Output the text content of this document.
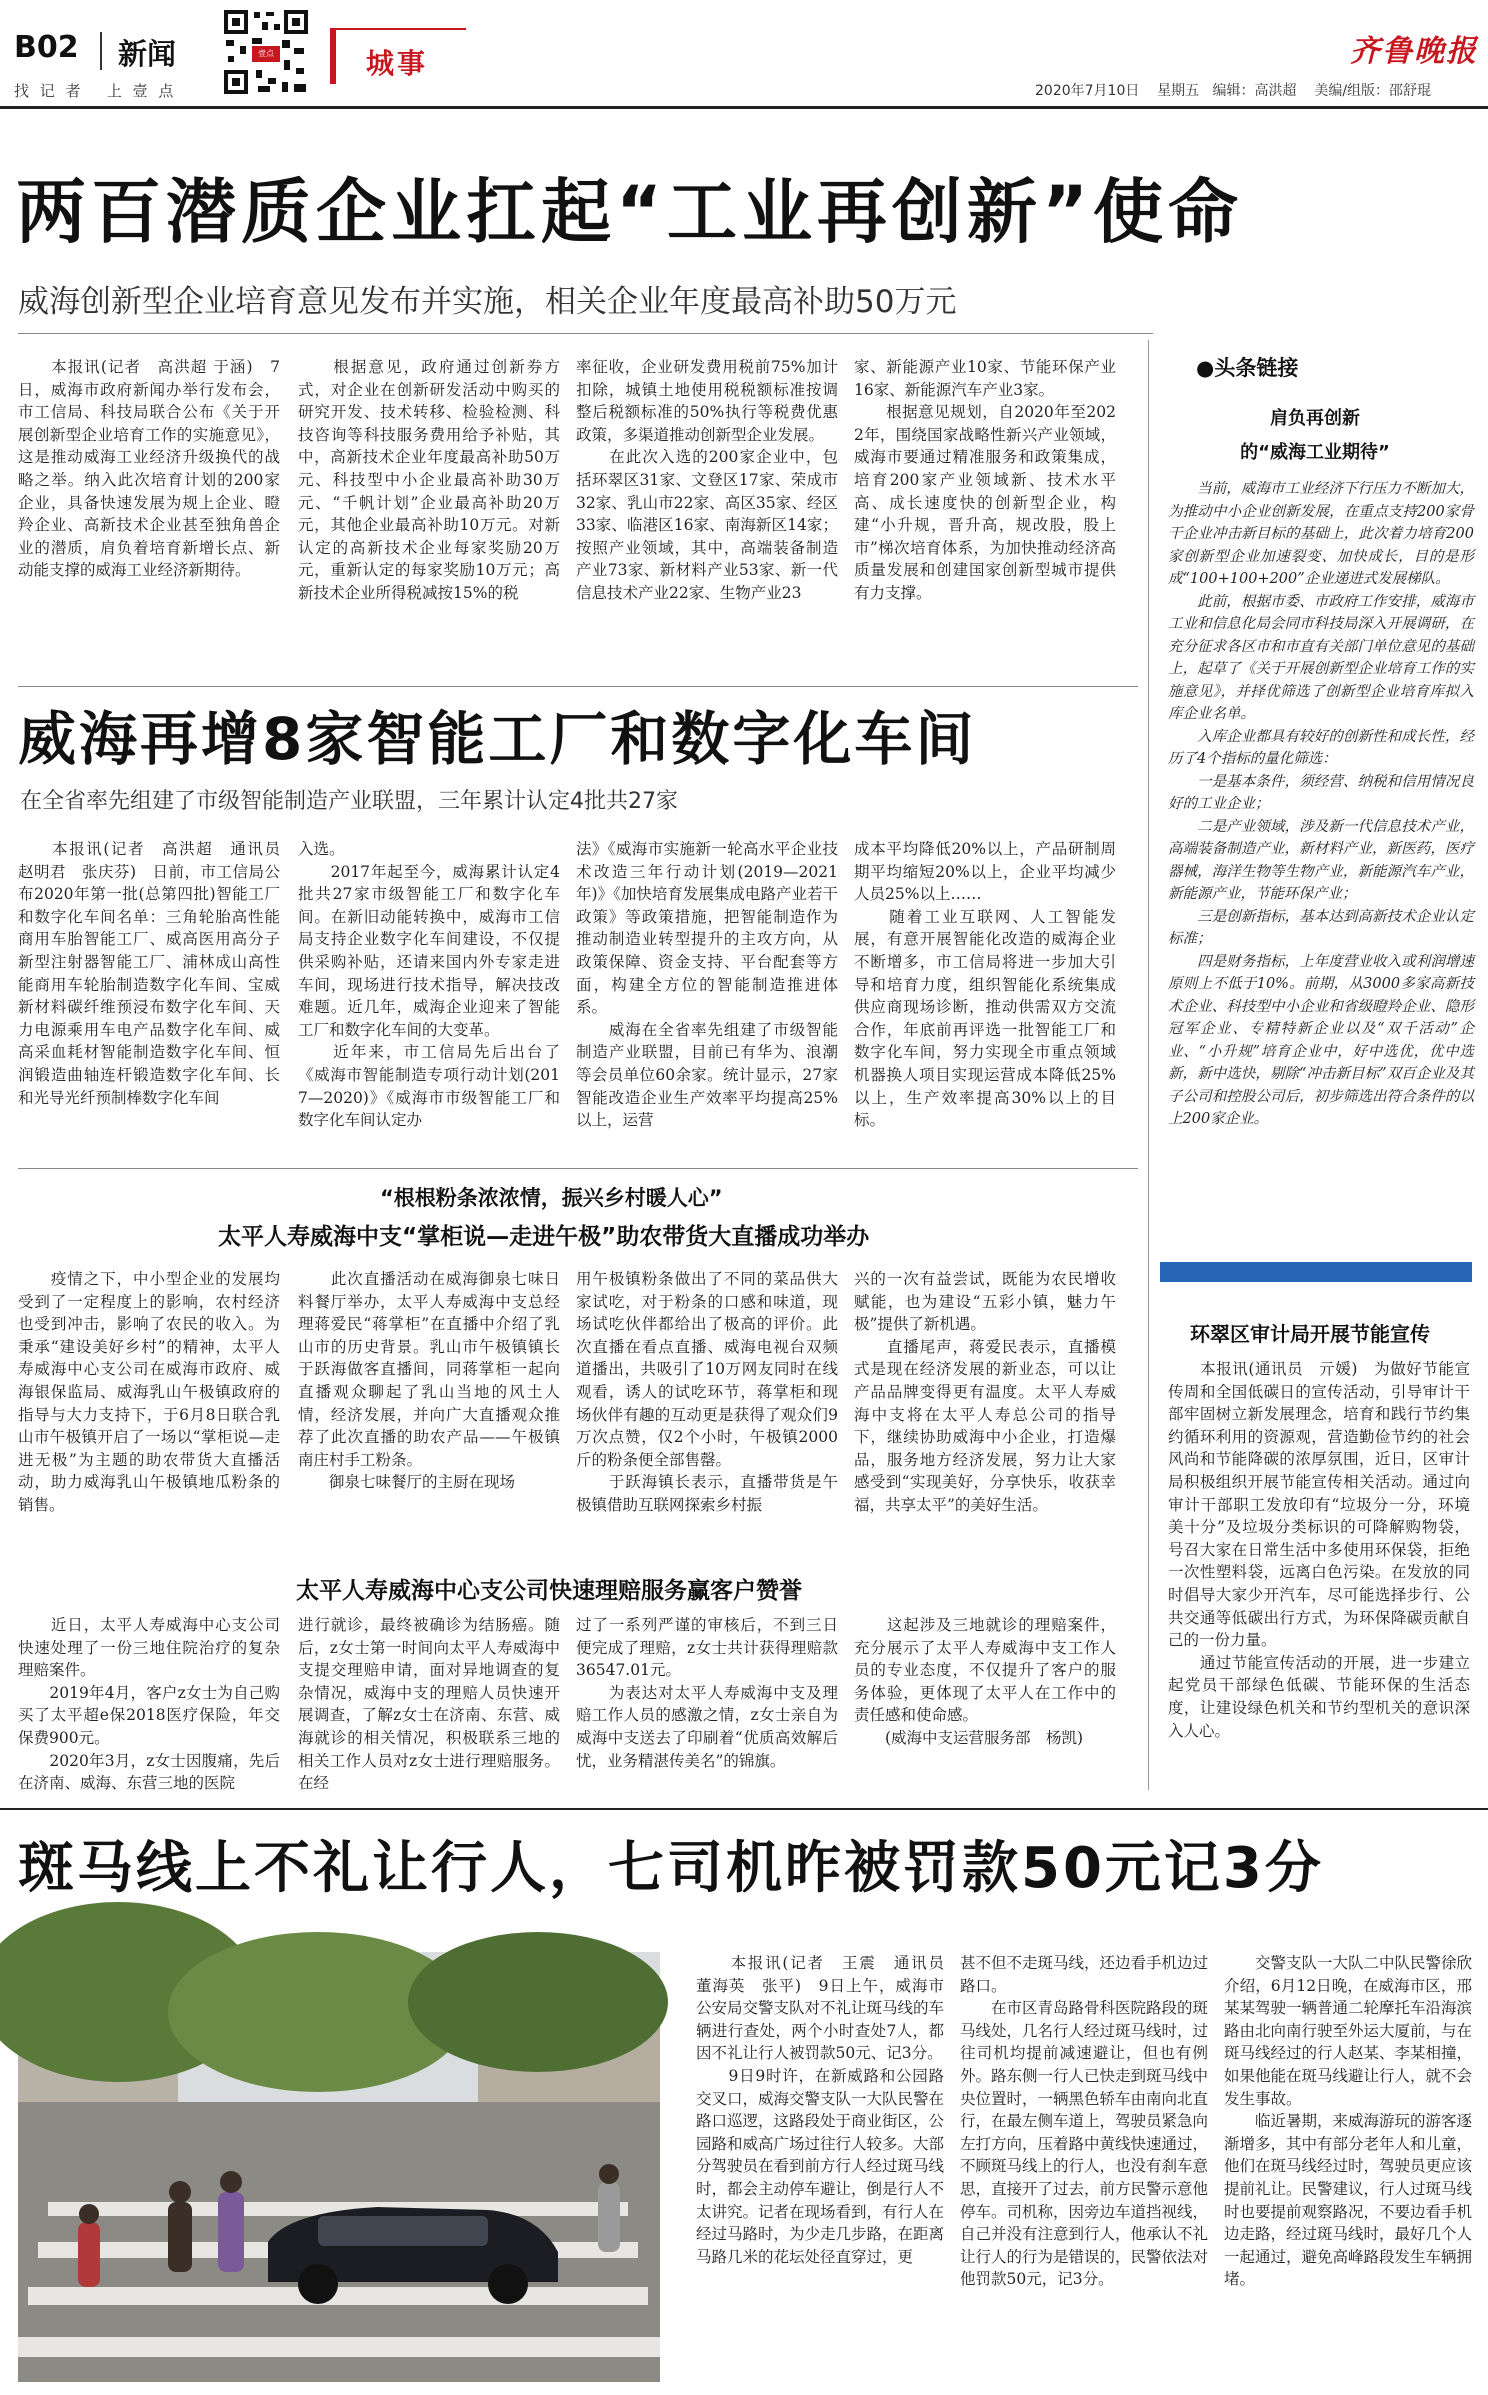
B02 新闻
找 记 者   上 壹 点
壹点	城事	齐鲁晚报
2020年7月10日 星期五 编辑：高洪超 美编/组版：邵舒琨
两百潜质企业扛起“工业再创新”使命
威海创新型企业培育意见发布并实施，相关企业年度最高补助50万元
　　本报讯(记者　高洪超 于涵)　7日，威海市政府新闻办举行发布会，市工信局、科技局联合公布《关于开展创新型企业培育工作的实施意见》，这是推动威海工业经济升级换代的战略之举。纳入此次培育计划的200家企业，具备快速发展为规上企业、瞪羚企业、高新技术企业甚至独角兽企业的潜质，肩负着培育新增长点、新动能支撑的威海工业经济新期待。
　　根据意见，政府通过创新券方式，对企业在创新研发活动中购买的研究开发、技术转移、检验检测、科技咨询等科技服务费用给予补贴，其中，高新技术企业年度最高补助50万元、科技型中小企业最高补助30万元、“千帆计划”企业最高补助20万元，其他企业最高补助10万元。对新认定的高新技术企业每家奖励20万元，重新认定的每家奖励10万元；高新技术企业所得税减按15%的税
率征收，企业研发费用税前75%加计扣除，城镇土地使用税税额标准按调整后税额标准的50%执行等税费优惠政策，多渠道推动创新型企业发展。
　　在此次入选的200家企业中，包括环翠区31家、文登区17家、荣成市32家、乳山市22家、高区35家、经区33家、临港区16家、南海新区14家；按照产业领域，其中，高端装备制造产业73家、新材料产业53家、新一代信息技术产业22家、生物产业23
家、新能源产业10家、节能环保产业16家、新能源汽车产业3家。
　　根据意见规划，自2020年至2022年，围绕国家战略性新兴产业领域，威海市要通过精准服务和政策集成，培育200家产业领域新、技术水平高、成长速度快的创新型企业，构建“小升规，晋升高，规改股，股上市”梯次培育体系，为加快推动经济高质量发展和创建国家创新型城市提供有力支撑。
●头条链接
肩负再创新
的“威海工业期待”

　　当前，威海市工业经济下行压力不断加大，为推动中小企业创新发展，在重点支持200家骨干企业冲击新目标的基础上，此次着力培育200家创新型企业加速裂变、加快成长，目的是形成“100+100+200”企业递进式发展梯队。

　　此前，根据市委、市政府工作安排，威海市工业和信息化局会同市科技局深入开展调研，在充分征求各区市和市直有关部门单位意见的基础上，起草了《关于开展创新型企业培育工作的实施意见》，并择优筛选了创新型企业培育库拟入库企业名单。

　　入库企业都具有较好的创新性和成长性，经历了4个指标的量化筛选：

　　一是基本条件，须经营、纳税和信用情况良好的工业企业；

　　二是产业领域，涉及新一代信息技术产业，高端装备制造产业，新材料产业，新医药，医疗器械，海洋生物等生物产业，新能源汽车产业，新能源产业，节能环保产业；

　　三是创新指标，基本达到高新技术企业认定标准；

　　四是财务指标，上年度营业收入或利润增速原则上不低于10%。前期，从3000多家高新技术企业、科技型中小企业和省级瞪羚企业、隐形冠军企业、专精特新企业以及“双千活动”企业、“小升规”培育企业中，好中选优，优中选新，新中选快，剔除“冲击新目标”双百企业及其子公司和控股公司后，初步筛选出符合条件的以上200家企业。

威海再增8家智能工厂和数字化车间
在全省率先组建了市级智能制造产业联盟，三年累计认定4批共27家
　　本报讯(记者　高洪超　通讯员　赵明君　张庆芬)　日前，市工信局公布2020年第一批(总第四批)智能工厂和数字化车间名单：三角轮胎高性能商用车胎智能工厂、威高医用高分子新型注射器智能工厂、浦林成山高性能商用车轮胎制造数字化车间、宝威新材料碳纤维预浸布数字化车间、天力电源乘用车电产品数字化车间、威高采血耗材智能制造数字化车间、恒润锻造曲轴连杆锻造数字化车间、长和光导光纤预制棒数字化车间
入选。
　　2017年起至今，威海累计认定4批共27家市级智能工厂和数字化车间。在新旧动能转换中，威海市工信局支持企业数字化车间建设，不仅提供采购补贴，还请来国内外专家走进车间，现场进行技术指导，解决技改难题。近几年，威海企业迎来了智能工厂和数字化车间的大变革。
　　近年来，市工信局先后出台了《威海市智能制造专项行动计划(2017—2020)》《威海市市级智能工厂和数字化车间认定办
法》《威海市实施新一轮高水平企业技术改造三年行动计划(2019—2021年)》《加快培育发展集成电路产业若干政策》等政策措施，把智能制造作为推动制造业转型提升的主攻方向，从政策保障、资金支持、平台配套等方面，构建全方位的智能制造推进体系。
　　威海在全省率先组建了市级智能制造产业联盟，目前已有华为、浪潮等会员单位60余家。统计显示，27家智能改造企业生产效率平均提高25%以上，运营
成本平均降低20%以上，产品研制周期平均缩短20%以上，企业平均减少人员25%以上……
　　随着工业互联网、人工智能发展，有意开展智能化改造的威海企业不断增多，市工信局将进一步加大引导和培育力度，组织智能化系统集成供应商现场诊断，推动供需双方交流合作，年底前再评选一批智能工厂和数字化车间，努力实现全市重点领域机器换人项目实现运营成本降低25%以上，生产效率提高30%以上的目标。
“根根粉条浓浓情，振兴乡村暖人心”
太平人寿威海中支“掌柜说—走进午极”助农带货大直播成功举办
　　疫情之下，中小型企业的发展均受到了一定程度上的影响，农村经济也受到冲击，影响了农民的收入。为秉承“建设美好乡村”的精神，太平人寿威海中心支公司在威海市政府、威海银保监局、威海乳山午极镇政府的指导与大力支持下，于6月8日联合乳山市午极镇开启了一场以“掌柜说—走进无极”为主题的助农带货大直播活动，助力威海乳山午极镇地瓜粉条的销售。
　　此次直播活动在威海御泉七味日料餐厅举办，太平人寿威海中支总经理蒋爱民“蒋掌柜”在直播中介绍了乳山市的历史背景。乳山市午极镇镇长于跃海做客直播间，同蒋掌柜一起向直播观众聊起了乳山当地的风土人情，经济发展，并向广大直播观众推荐了此次直播的助农产品——午极镇南庄村手工粉条。
　　御泉七味餐厅的主厨在现场
用午极镇粉条做出了不同的菜品供大家试吃，对于粉条的口感和味道，现场试吃伙伴都给出了极高的评价。此次直播在看点直播、威海电视台双频道播出，共吸引了10万网友同时在线观看，诱人的试吃环节，蒋掌柜和现场伙伴有趣的互动更是获得了观众们9万次点赞，仅2个小时，午极镇2000斤的粉条便全部售罄。
　　于跃海镇长表示，直播带货是午极镇借助互联网探索乡村振
兴的一次有益尝试，既能为农民增收赋能，也为建设“五彩小镇，魅力午极”提供了新机遇。
　　直播尾声，蒋爱民表示，直播模式是现在经济发展的新业态，可以让产品品牌变得更有温度。太平人寿威海中支将在太平人寿总公司的指导下，继续协助威海中小企业，打造爆品，服务地方经济发展，努力让大家感受到“实现美好，分享快乐，收获幸福，共享太平”的美好生活。
太平人寿威海中心支公司快速理赔服务赢客户赞誉
　　近日，太平人寿威海中心支公司快速处理了一份三地住院治疗的复杂理赔案件。
　　2019年4月，客户z女士为自己购买了太平超e保2018医疗保险，年交保费900元。
　　2020年3月，z女士因腹痛，先后在济南、威海、东营三地的医院
进行就诊，最终被确诊为结肠癌。随后，z女士第一时间向太平人寿威海中支提交理赔申请，面对异地调查的复杂情况，威海中支的理赔人员快速开展调查，了解z女士在济南、东营、威海就诊的相关情况，积极联系三地的相关工作人员对z女士进行理赔服务。在经
过了一系列严谨的审核后，不到三日便完成了理赔，z女士共计获得理赔款36547.01元。
　　为表达对太平人寿威海中支及理赔工作人员的感激之情，z女士亲自为威海中支送去了印刷着“优质高效解后忧，业务精湛传美名”的锦旗。
　　这起涉及三地就诊的理赔案件，充分展示了太平人寿威海中支工作人员的专业态度，不仅提升了客户的服务体验，更体现了太平人在工作中的责任感和使命感。
　　(威海中支运营服务部　杨凯)
环翠区审计局开展节能宣传
　　本报讯(通讯员　亓媛)　为做好节能宣传周和全国低碳日的宣传活动，引导审计干部牢固树立新发展理念，培育和践行节约集约循环利用的资源观，营造勤俭节约的社会风尚和节能降碳的浓厚氛围，近日，区审计局积极组织开展节能宣传相关活动。通过向审计干部职工发放印有“垃圾分一分，环境美十分”及垃圾分类标识的可降解购物袋，号召大家在日常生活中多使用环保袋，拒绝一次性塑料袋，远离白色污染。在发放的同时倡导大家少开汽车，尽可能选择步行、公共交通等低碳出行方式，为环保降碳贡献自己的一份力量。
　　通过节能宣传活动的开展，进一步建立起党员干部绿色低碳、节能环保的生活态度，让建设绿色机关和节约型机关的意识深入人心。
斑马线上不礼让行人，七司机昨被罚款50元记3分
　　本报讯(记者　王震　通讯员　董海英　张平)　9日上午，威海市公安局交警支队对不礼让斑马线的车辆进行查处，两个小时查处7人，都因不礼让行人被罚款50元、记3分。
　　9日9时许，在新威路和公园路交叉口，威海交警支队一大队民警在路口巡逻，这路段处于商业街区，公园路和威高广场过往行人较多。大部分驾驶员在看到前方行人经过斑马线时，都会主动停车避让，倒是行人不太讲究。记者在现场看到，有行人在经过马路时，为少走几步路，在距离马路几米的花坛处径直穿过，更
甚不但不走斑马线，还边看手机边过路口。
　　在市区青岛路骨科医院路段的斑马线处，几名行人经过斑马线时，过往司机均提前减速避让，但也有例外。路东侧一行人已快走到斑马线中央位置时，一辆黑色轿车由南向北直行，在最左侧车道上，驾驶员紧急向左打方向，压着路中黄线快速通过，不顾斑马线上的行人，也没有刹车意思，直接开了过去，前方民警示意他停车。司机称，因旁边车道挡视线，自己并没有注意到行人，他承认不礼让行人的行为是错误的，民警依法对他罚款50元，记3分。
　　交警支队一大队二中队民警徐欣介绍，6月12日晚，在威海市区，邢某某驾驶一辆普通二轮摩托车沿海滨路由北向南行驶至外运大厦前，与在斑马线经过的行人赵某、李某相撞，如果他能在斑马线避让行人，就不会发生事故。
　　临近暑期，来威海游玩的游客逐渐增多，其中有部分老年人和儿童，他们在斑马线经过时，驾驶员更应该提前礼让。民警建议，行人过斑马线时也要提前观察路况，不要边看手机边走路，经过斑马线时，最好几个人一起通过，避免高峰路段发生车辆拥堵。
